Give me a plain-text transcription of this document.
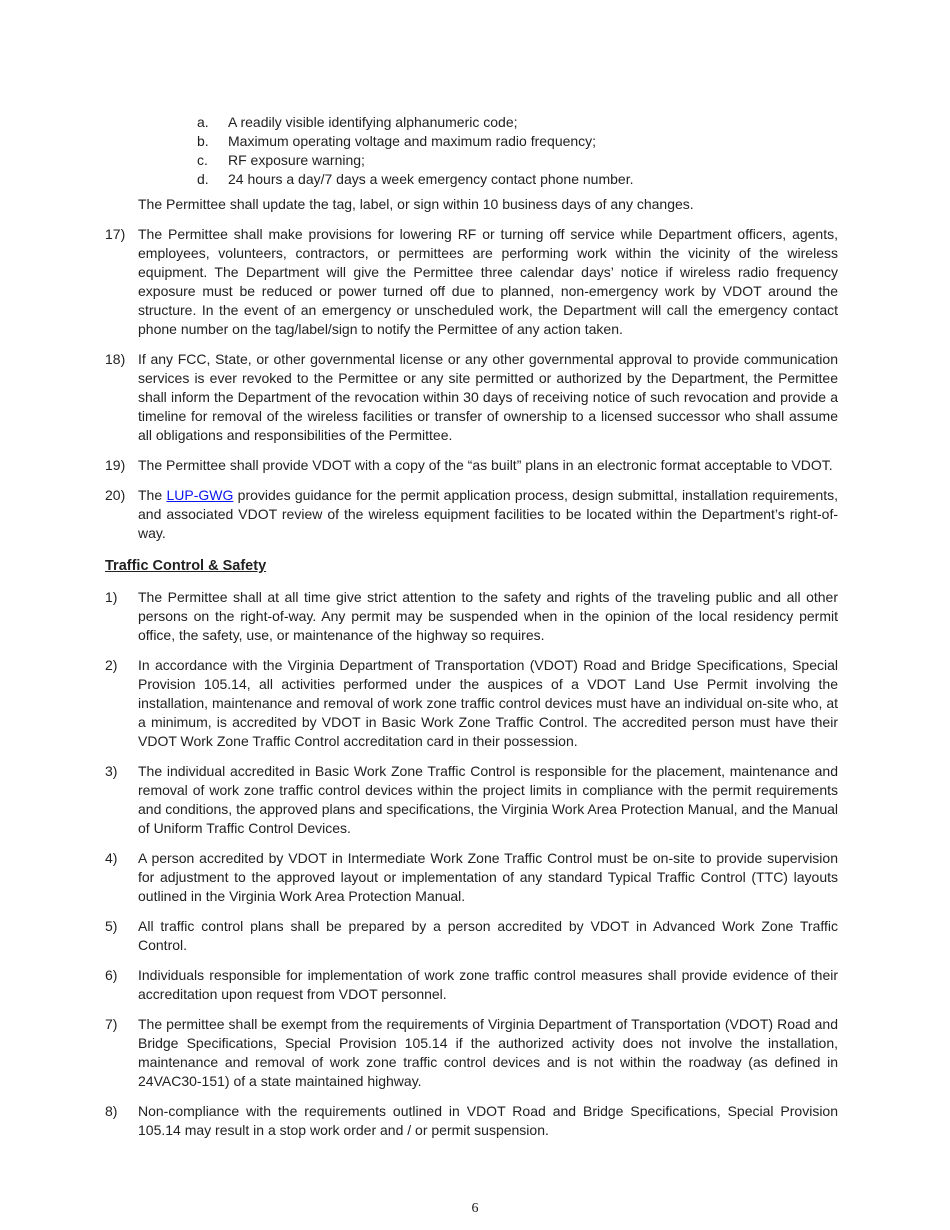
a.	A readily visible identifying alphanumeric code;
b.	Maximum operating voltage and maximum radio frequency;
c.	RF exposure warning;
d.	24 hours a day/7 days a week emergency contact phone number.
The Permittee shall update the tag, label, or sign within 10 business days of any changes.
17) The Permittee shall make provisions for lowering RF or turning off service while Department officers, agents, employees, volunteers, contractors, or permittees are performing work within the vicinity of the wireless equipment. The Department will give the Permittee three calendar days’ notice if wireless radio frequency exposure must be reduced or power turned off due to planned, non-emergency work by VDOT around the structure. In the event of an emergency or unscheduled work, the Department will call the emergency contact phone number on the tag/label/sign to notify the Permittee of any action taken.
18) If any FCC, State, or other governmental license or any other governmental approval to provide communication services is ever revoked to the Permittee or any site permitted or authorized by the Department, the Permittee shall inform the Department of the revocation within 30 days of receiving notice of such revocation and provide a timeline for removal of the wireless facilities or transfer of ownership to a licensed successor who shall assume all obligations and responsibilities of the Permittee.
19) The Permittee shall provide VDOT with a copy of the “as built” plans in an electronic format acceptable to VDOT.
20) The LUP-GWG provides guidance for the permit application process, design submittal, installation requirements, and associated VDOT review of the wireless equipment facilities to be located within the Department’s right-of-way.
Traffic Control & Safety
1)	The Permittee shall at all time give strict attention to the safety and rights of the traveling public and all other persons on the right-of-way. Any permit may be suspended when in the opinion of the local residency permit office, the safety, use, or maintenance of the highway so requires.
2)	In accordance with the Virginia Department of Transportation (VDOT) Road and Bridge Specifications, Special Provision 105.14, all activities performed under the auspices of a VDOT Land Use Permit involving the installation, maintenance and removal of work zone traffic control devices must have an individual on-site who, at a minimum, is accredited by VDOT in Basic Work Zone Traffic Control. The accredited person must have their VDOT Work Zone Traffic Control accreditation card in their possession.
3)	The individual accredited in Basic Work Zone Traffic Control is responsible for the placement, maintenance and removal of work zone traffic control devices within the project limits in compliance with the permit requirements and conditions, the approved plans and specifications, the Virginia Work Area Protection Manual, and the Manual of Uniform Traffic Control Devices.
4)	A person accredited by VDOT in Intermediate Work Zone Traffic Control must be on-site to provide supervision for adjustment to the approved layout or implementation of any standard Typical Traffic Control (TTC) layouts outlined in the Virginia Work Area Protection Manual.
5)	All traffic control plans shall be prepared by a person accredited by VDOT in Advanced Work Zone Traffic Control.
6)	Individuals responsible for implementation of work zone traffic control measures shall provide evidence of their accreditation upon request from VDOT personnel.
7)	The permittee shall be exempt from the requirements of Virginia Department of Transportation (VDOT) Road and Bridge Specifications, Special Provision 105.14 if the authorized activity does not involve the installation, maintenance and removal of work zone traffic control devices and is not within the roadway (as defined in 24VAC30-151) of a state maintained highway.
8)	Non-compliance with the requirements outlined in VDOT Road and Bridge Specifications, Special Provision 105.14 may result in a stop work order and / or permit suspension.
6
